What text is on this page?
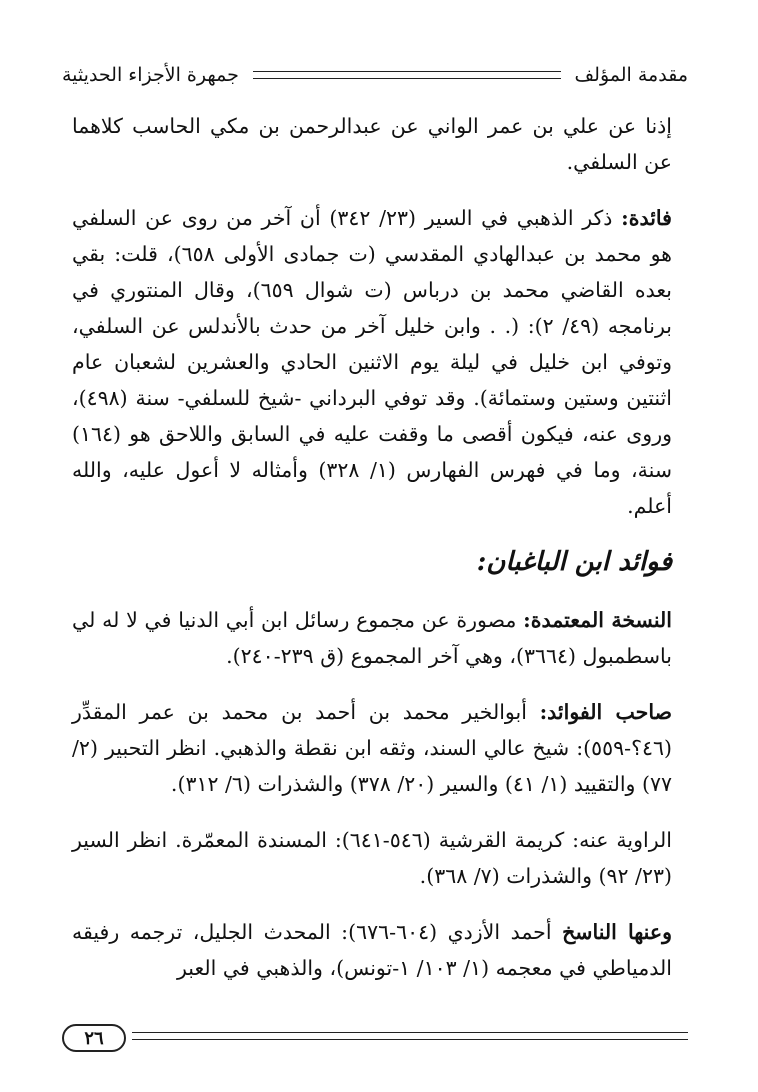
مقدمة المؤلف
جمهرة الأجزاء الحديثية

إذنا عن علي بن عمر الواني عن عبدالرحمن بن مكي الحاسب كلاهما عن السلفي.

فائدة: ذكر الذهبي في السير (٢٣/ ٣٤٢) أن آخر من روى عن السلفي هو محمد بن عبدالهادي المقدسي (ت جمادى الأولى ٦٥٨)، قلت: بقي بعده القاضي محمد بن درباس (ت شوال ٦٥٩)، وقال المنتوري في برنامجه (٤٩/ ٢): (. . وابن خليل آخر من حدث بالأندلس عن السلفي، وتوفي ابن خليل في ليلة يوم الاثنين الحادي والعشرين لشعبان عام اثنتين وستين وستمائة). وقد توفي البرداني -شيخ للسلفي- سنة (٤٩٨)، وروى عنه، فيكون أقصى ما وقفت عليه في السابق واللاحق هو (١٦٤) سنة، وما في فهرس الفهارس (١/ ٣٢٨) وأمثاله لا أعول عليه، والله أعلم.

فوائد ابن الباغبان:

النسخة المعتمدة: مصورة عن مجموع رسائل ابن أبي الدنيا في لا له لي باسطمبول (٣٦٦٤)، وهي آخر المجموع (ق ٢٣٩-٢٤٠).

صاحب الفوائد: أبوالخير محمد بن أحمد بن محمد بن عمر المقدِّر (٤٦؟-٥٥٩): شيخ عالي السند، وثقه ابن نقطة والذهبي. انظر التحبير (٢/ ٧٧) والتقييد (١/ ٤١) والسير (٢٠/ ٣٧٨) والشذرات (٦/ ٣١٢).

الراوية عنه: كريمة القرشية (٥٤٦-٦٤١): المسندة المعمّرة. انظر السير (٢٣/ ٩٢) والشذرات (٧/ ٣٦٨).

وعنها الناسخ أحمد الأزدي (٦٠٤-٦٧٦): المحدث الجليل، ترجمه رفيقه الدمياطي في معجمه (١/ ١٠٣/ ١-تونس)، والذهبي في العبر

٢٦
